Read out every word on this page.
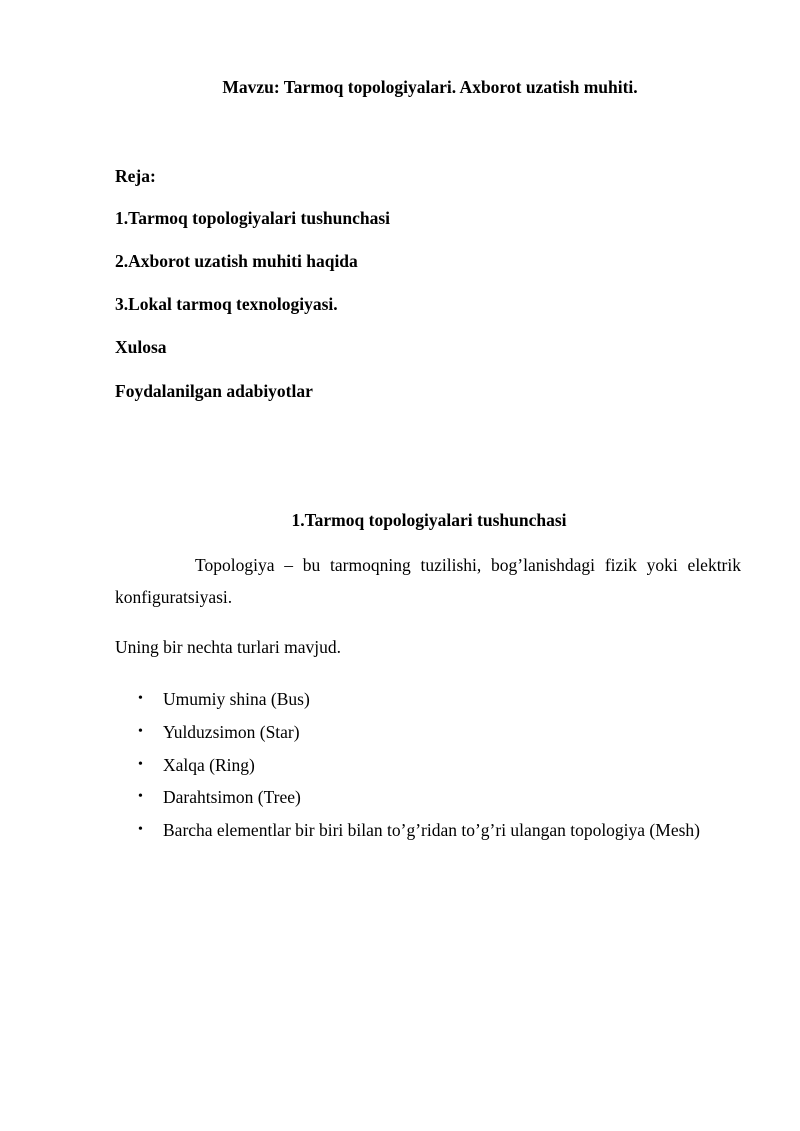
Mavzu: Tarmoq topologiyalari. Axborot uzatish muhiti.
Reja:
1.Tarmoq topologiyalari tushunchasi
2.Axborot uzatish muhiti haqida
3.Lokal tarmoq texnologiyasi.
Xulosa
Foydalanilgan adabiyotlar
1.Tarmoq topologiyalari tushunchasi
Topologiya – bu tarmoqning tuzilishi, bog’lanishdagi fizik yoki elektrik konfiguratsiyasi.
Uning bir nechta turlari mavjud.
• Umumiy shina (Bus)
• Yulduzsimon (Star)
• Xalqa (Ring)
• Darahtsimon (Tree)
• Barcha elementlar bir biri bilan to’g’ridan to’g’ri ulangan topologiya (Mesh)
